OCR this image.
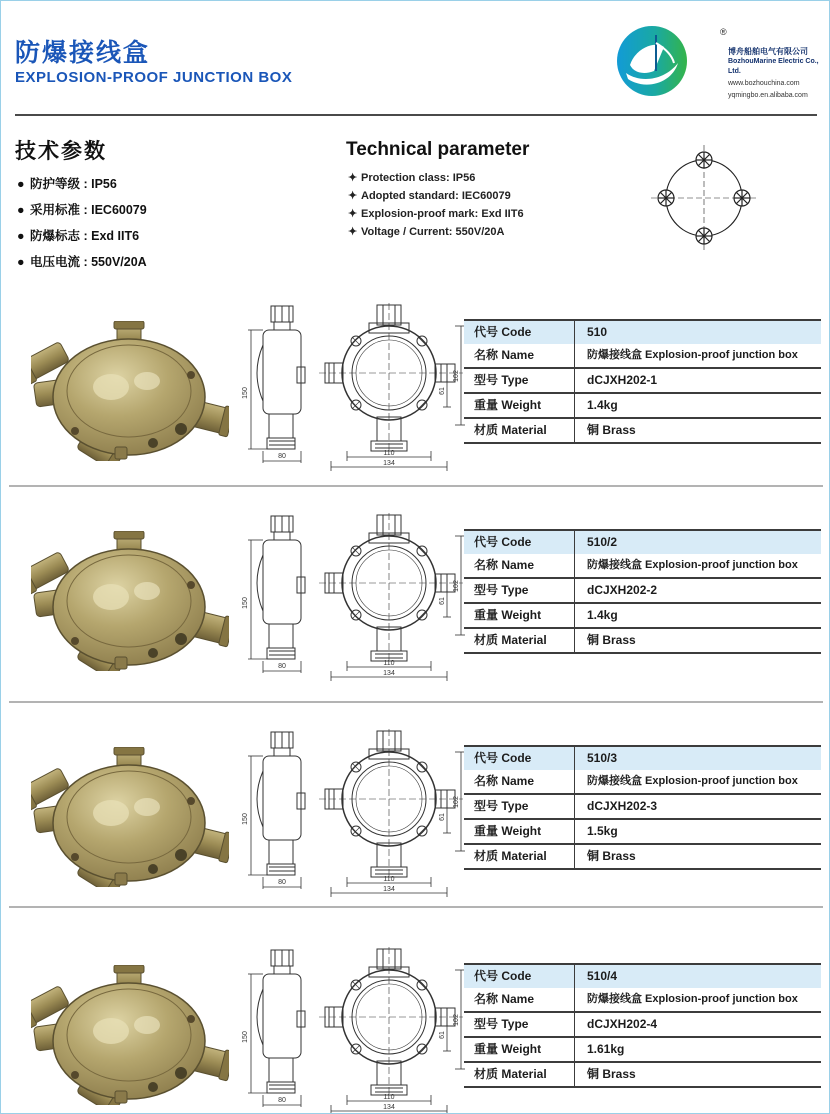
防爆接线盒
EXPLOSION-PROOF JUNCTION BOX
®
博舟船舶电气有限公司
BozhouMarine Electric Co., Ltd.
www.bozhouchina.com
yqmingbo.en.alibaba.com
技术参数
● 防护等级 : IP56
● 采用标准 : IEC60079
● 防爆标志 : Exd IIT6
● 电压电流 : 550V/20A
Technical parameter
✦ Protection class: IP56
✦ Adopted standard: IEC60079
✦ Explosion-proof mark: Exd IIT6
✦ Voltage / Current: 550V/20A
150
80
61
102
110
134
代号 Code	510
名称 Name	防爆接线盒 Explosion-proof junction box
型号 Type	dCJXH202-1
重量 Weight	1.4kg
材质 Material	铜 Brass
150
80
61
102
110
134
代号 Code	510/2
名称 Name	防爆接线盒 Explosion-proof junction box
型号 Type	dCJXH202-2
重量 Weight	1.4kg
材质 Material	铜 Brass
150
80
61
102
110
134
代号 Code	510/3
名称 Name	防爆接线盒 Explosion-proof junction box
型号 Type	dCJXH202-3
重量 Weight	1.5kg
材质 Material	铜 Brass
150
80
61
102
110
134
代号 Code	510/4
名称 Name	防爆接线盒 Explosion-proof junction box
型号 Type	dCJXH202-4
重量 Weight	1.61kg
材质 Material	铜 Brass
